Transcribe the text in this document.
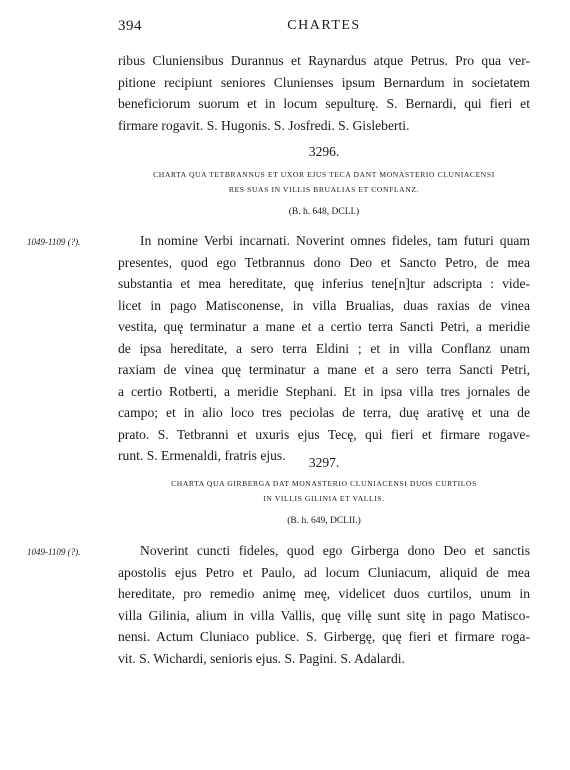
394	CHARTES

ribus Cluniensibus Durannus et Raynardus atque Petrus. Pro qua ver-
pitione recipiunt seniores Clunienses ipsum Bernardum in societatem
beneficiorum suorum et in locum sepulturę. S. Bernardi, qui fieri et
firmare rogavit. S. Hugonis. S. Josfredi. S. Gisleberti.

3296.

CHARTA QUA TETBRANNUS ET UXOR EJUS TECA DANT MONASTERIO CLUNIACENSI
RES SUAS IN VILLIS BRUALIAS ET CONFLANZ.

(B. h. 648, DCLI.)
1049-1109 (?).	In nomine Verbi incarnati. Noverint omnes fideles, tam futuri quam
presentes, quod ego Tetbrannus dono Deo et Sancto Petro, de mea
substantia et mea hereditate, quę inferius tene[n]tur adscripta : vide-
licet in pago Matisconense, in villa Brualias, duas raxias de vinea
vestita, quę terminatur a mane et a certio terra Sancti Petri, a meridie
de ipsa hereditate, a sero terra Eldini ; et in villa Conflanz unam
raxiam de vinea quę terminatur a mane et a sero terra Sancti Petri,
a certio Rotberti, a meridie Stephani. Et in ipsa villa tres jornales de
campo; et in alio loco tres peciolas de terra, duę arativę et una de
prato. S. Tetbranni et uxuris ejus Tecę, qui fieri et firmare rogave-
runt. S. Ermenaldi, fratris ejus.	3297.

CHARTA QUA GIRBERGA DAT MONASTERIO CLUNIACENSI DUOS CURTILOS
IN VILLIS GILINIA ET VALLIS.

(B. h. 649, DCLII.)
1049-1109 (?).	Noverint cuncti fideles, quod ego Girberga dono Deo et sanctis
apostolis ejus Petro et Paulo, ad locum Cluniacum, aliquid de mea
hereditate, pro remedio animę meę, videlicet duos curtilos, unum in
villa Gilinia, alium in villa Vallis, quę villę sunt sitę in pago Matisco-
nensi. Actum Cluniaco publice. S. Girbergę, quę fieri et firmare roga-
vit. S. Wichardi, senioris ejus. S. Pagini. S. Adalardi.
